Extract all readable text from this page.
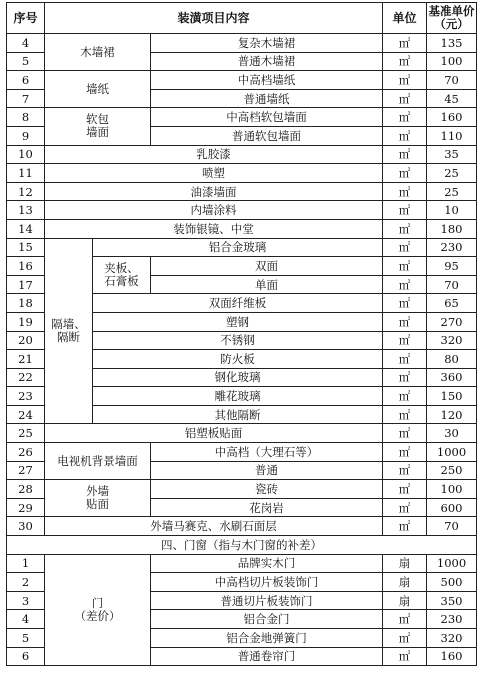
序号	装潢项目内容			单位	基准单价
（元）
4	木墙裙		复杂木墙裙	㎡	135
5			普通木墙裙	㎡	100
6	墙纸		中高档墙纸	㎡	70
7			普通墙纸	㎡	45
8	软包
墙面		中高档软包墙面	㎡	160
9			普通软包墙面	㎡	110
10	乳胶漆			㎡	35
11	喷塑			㎡	25
12	油漆墙面			㎡	25
13	内墙涂料			㎡	10
14	装饰银镜、中堂			㎡	180
15	隔墙、
隔断	铝合金玻璃		㎡	230
16		夹板、
石膏板	双面	㎡	95
17			单面	㎡	70
18		双面纤维板		㎡	65
19		塑钢		㎡	270
20		不锈钢		㎡	320
21		防火板		㎡	80
22		钢化玻璃		㎡	360
23		雕花玻璃		㎡	150
24		其他隔断		㎡	120
25	铝塑板贴面			㎡	30
26	电视机背景墙面		中高档（大理石等）	㎡	1000
27			普通	㎡	250
28	外墙
贴面		瓷砖	㎡	100
29			花岗岩	㎡	600
30	外墙马赛克、水刷石面层			㎡	70
四、门窗（指与木门窗的补差）					
1	门
（差价）		品牌实木门	扇	1000
2			中高档切片板装饰门	扇	500
3			普通切片板装饰门	扇	350
4			铝合金门	㎡	230
5			铝合金地弹簧门	㎡	320
6			普通卷帘门	㎡	160
